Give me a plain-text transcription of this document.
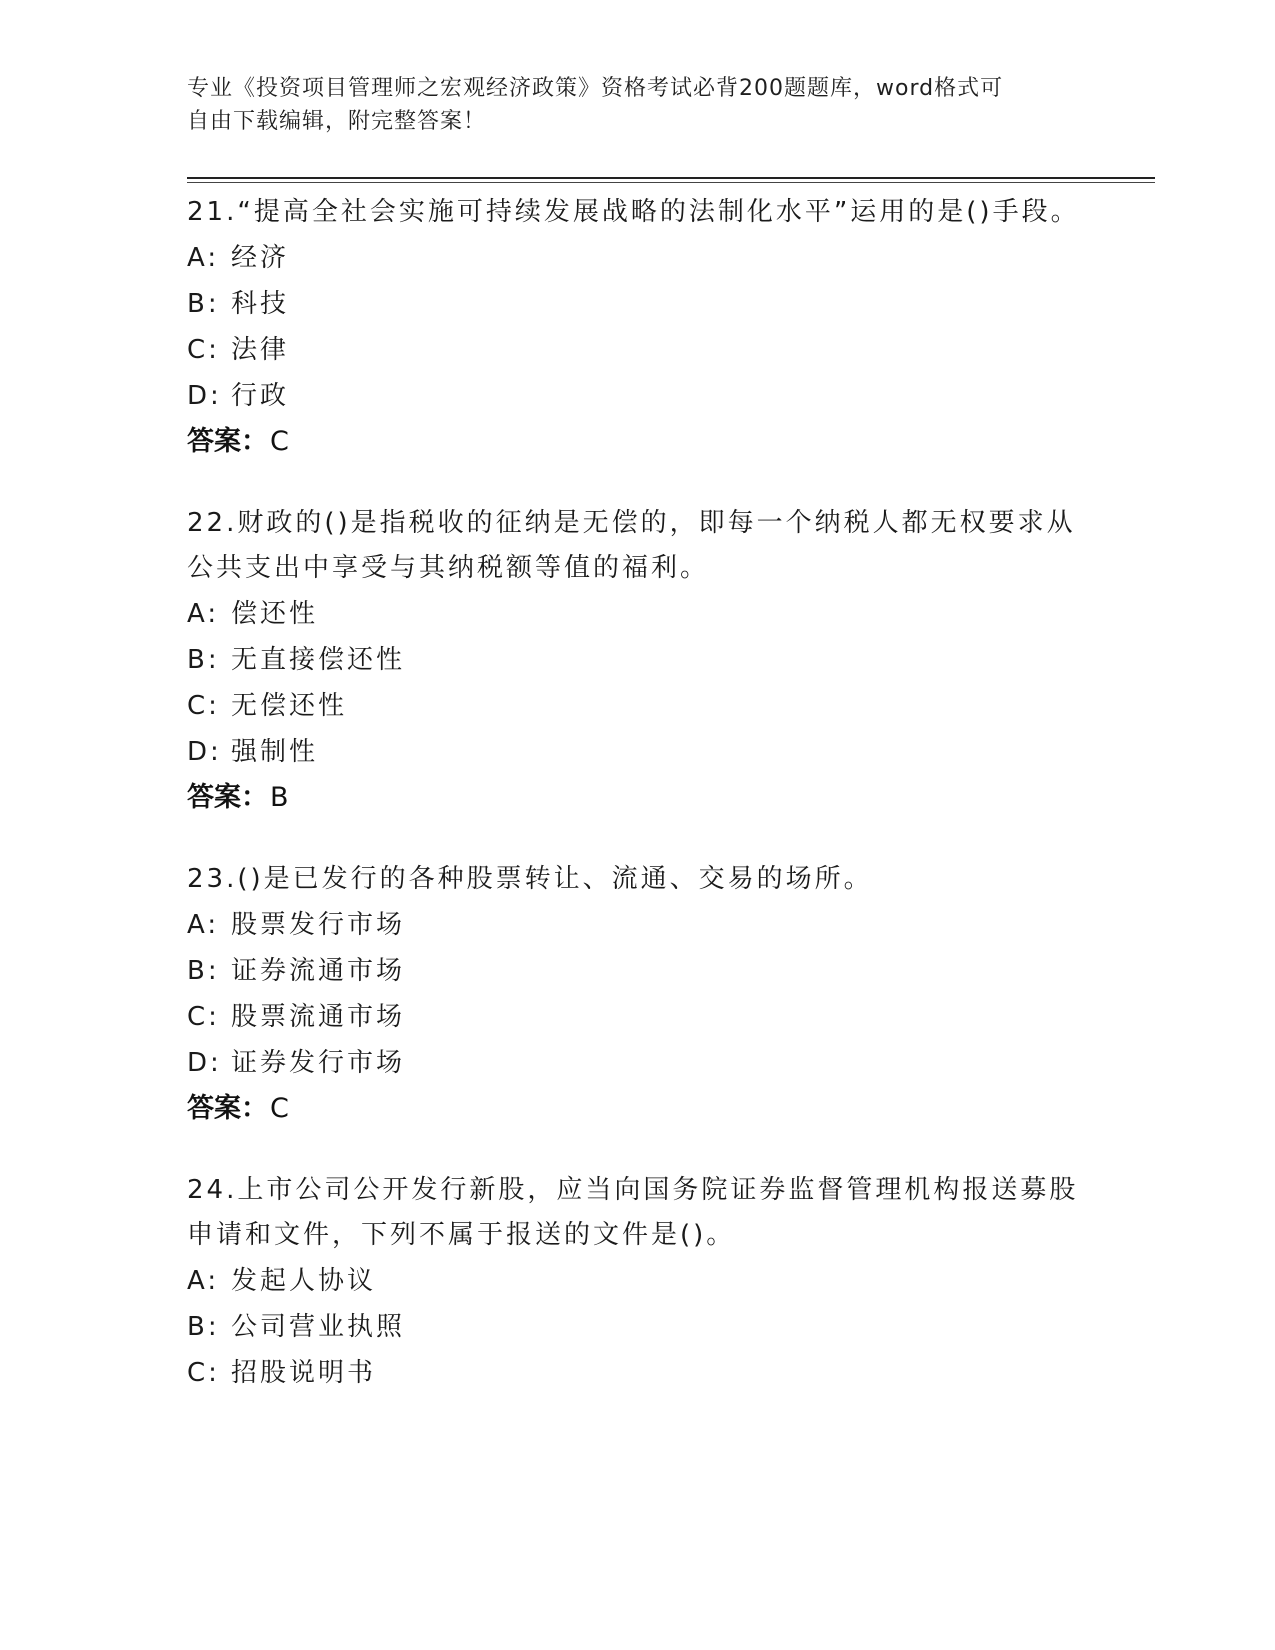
专业《投资项目管理师之宏观经济政策》资格考试必背200题题库，word格式可
自由下载编辑，附完整答案！

21.“提高全社会实施可持续发展战略的法制化水平”运用的是()手段。

A: 经济
B: 科技
C: 法律
D: 行政
答案：C

22.财政的()是指税收的征纳是无偿的，即每一个纳税人都无权要求从公共支出中享受与其纳税额等值的福利。

A: 偿还性
B: 无直接偿还性
C: 无偿还性
D: 强制性
答案：B

23.()是已发行的各种股票转让、流通、交易的场所。

A: 股票发行市场
B: 证券流通市场
C: 股票流通市场
D: 证券发行市场
答案：C

24.上市公司公开发行新股，应当向国务院证券监督管理机构报送募股申请和文件，下列不属于报送的文件是()。

A: 发起人协议
B: 公司营业执照
C: 招股说明书
